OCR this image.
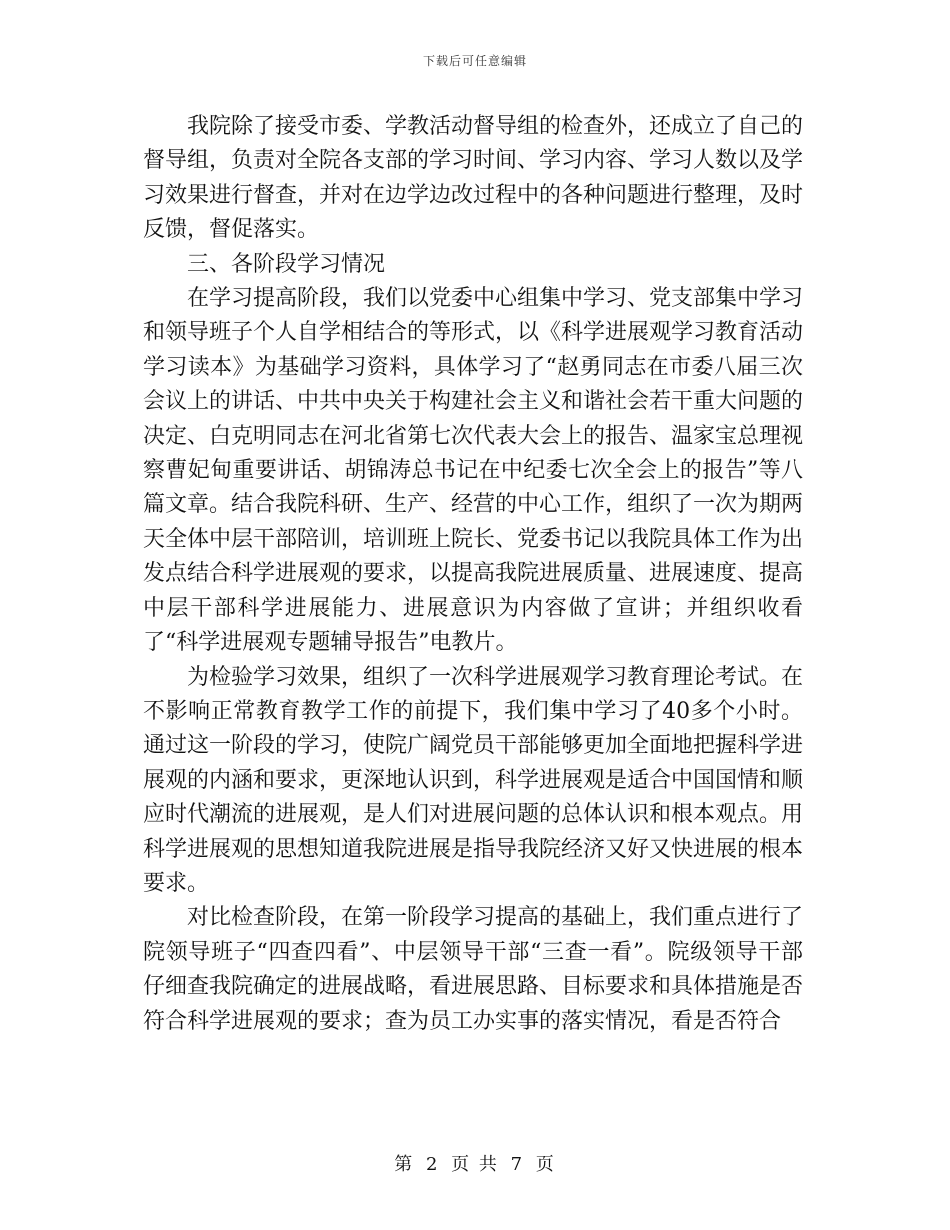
下载后可任意编辑

我院除了接受市委、学教活动督导组的检查外，还成立了自己的督导组，负责对全院各支部的学习时间、学习内容、学习人数以及学习效果进行督查，并对在边学边改过程中的各种问题进行整理，及时反馈，督促落实。

三、各阶段学习情况

在学习提高阶段，我们以党委中心组集中学习、党支部集中学习和领导班子个人自学相结合的等形式，以《科学进展观学习教育活动学习读本》为基础学习资料，具体学习了“赵勇同志在市委八届三次会议上的讲话、中共中央关于构建社会主义和谐社会若干重大问题的决定、白克明同志在河北省第七次代表大会上的报告、温家宝总理视察曹妃甸重要讲话、胡锦涛总书记在中纪委七次全会上的报告”等八篇文章。结合我院科研、生产、经营的中心工作，组织了一次为期两天全体中层干部陪训，培训班上院长、党委书记以我院具体工作为出发点结合科学进展观的要求，以提高我院进展质量、进展速度、提高中层干部科学进展能力、进展意识为内容做了宣讲；并组织收看了“科学进展观专题辅导报告”电教片。

为检验学习效果，组织了一次科学进展观学习教育理论考试。在不影响正常教育教学工作的前提下，我们集中学习了40多个小时。通过这一阶段的学习，使院广阔党员干部能够更加全面地把握科学进展观的内涵和要求，更深地认识到，科学进展观是适合中国国情和顺应时代潮流的进展观，是人们对进展问题的总体认识和根本观点。用科学进展观的思想知道我院进展是指导我院经济又好又快进展的根本要求。

对比检查阶段，在第一阶段学习提高的基础上，我们重点进行了院领导班子“四查四看”、中层领导干部“三查一看”。院级领导干部仔细查我院确定的进展战略，看进展思路、目标要求和具体措施是否符合科学进展观的要求；查为员工办实事的落实情况，看是否符合

第 2 页 共 7 页
